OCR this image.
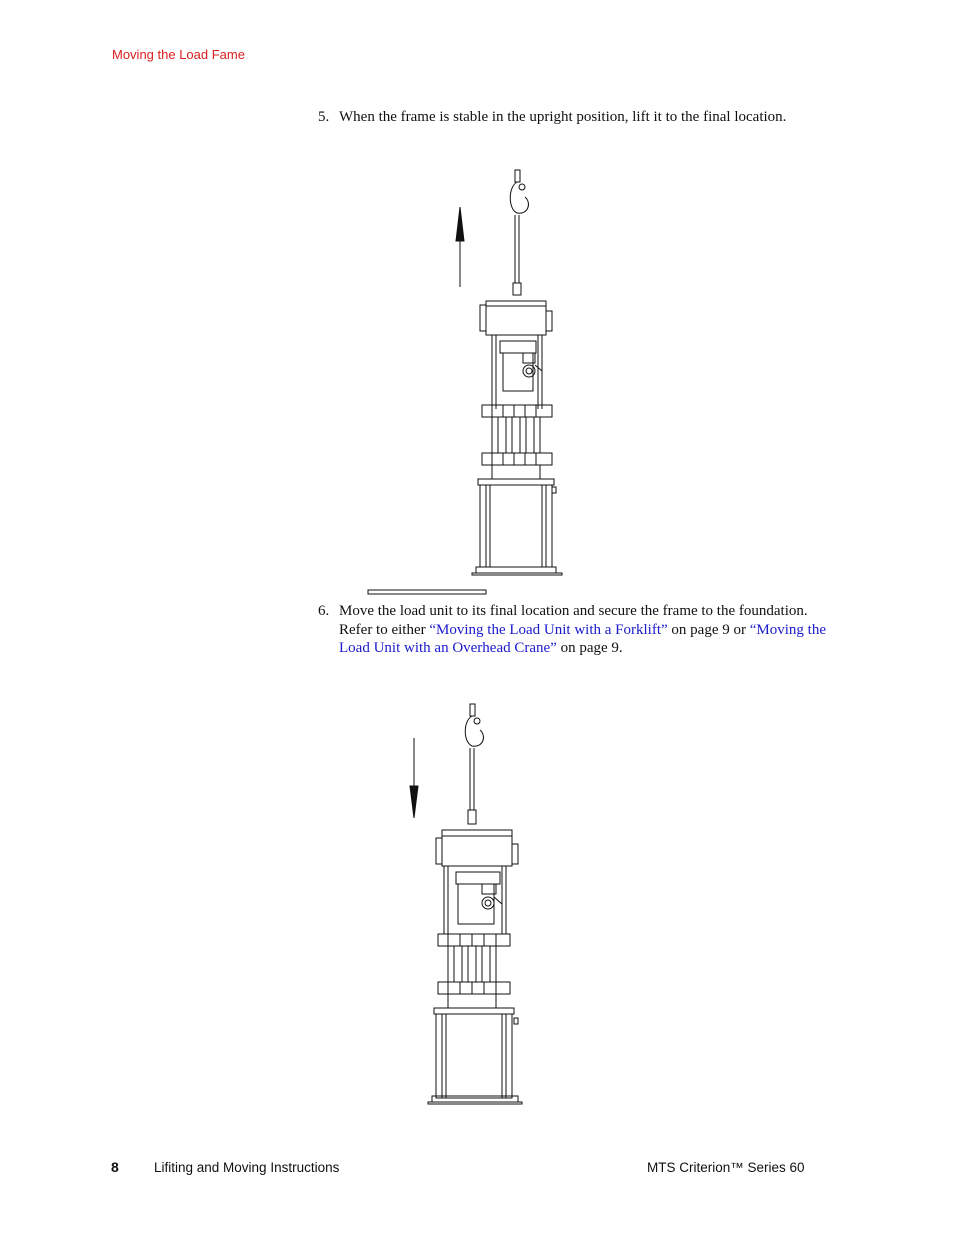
Moving the Load Fame
5. When the frame is stable in the upright position, lift it to the final location.
6. Move the load unit to its final location and secure the frame to the foundation. Refer to either “Moving the Load Unit with a Forklift” on page 9 or “Moving the Load Unit with an Overhead Crane” on page 9.
8	Lifiting and Moving Instructions	MTS Criterion™ Series 60
